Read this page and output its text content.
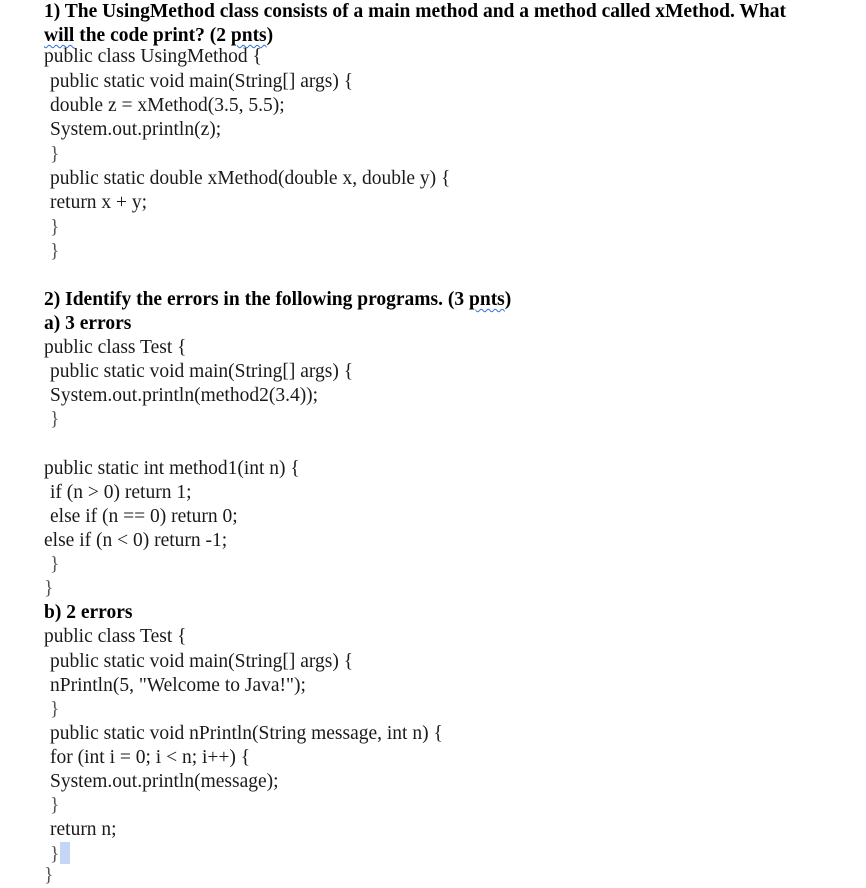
1) The UsingMethod class consists of a main method and a method called xMethod. What
will the code print? (2 pnts)
public class UsingMethod {
public static void main(String[] args) {
double z = xMethod(3.5, 5.5);
System.out.println(z);
}
public static double xMethod(double x, double y) {
return x + y;
}
}
2) Identify the errors in the following programs. (3 pnts)
a) 3 errors
public class Test {
public static void main(String[] args) {
System.out.println(method2(3.4));
}
public static int method1(int n) {
if (n > 0) return 1;
else if (n == 0) return 0;
else if (n < 0) return -1;
}
}
b) 2 errors
public class Test {
public static void main(String[] args) {
nPrintln(5, "Welcome to Java!");
}
public static void nPrintln(String message, int n) {
for (int i = 0; i < n; i++) {
System.out.println(message);
}
return n;
}
}
